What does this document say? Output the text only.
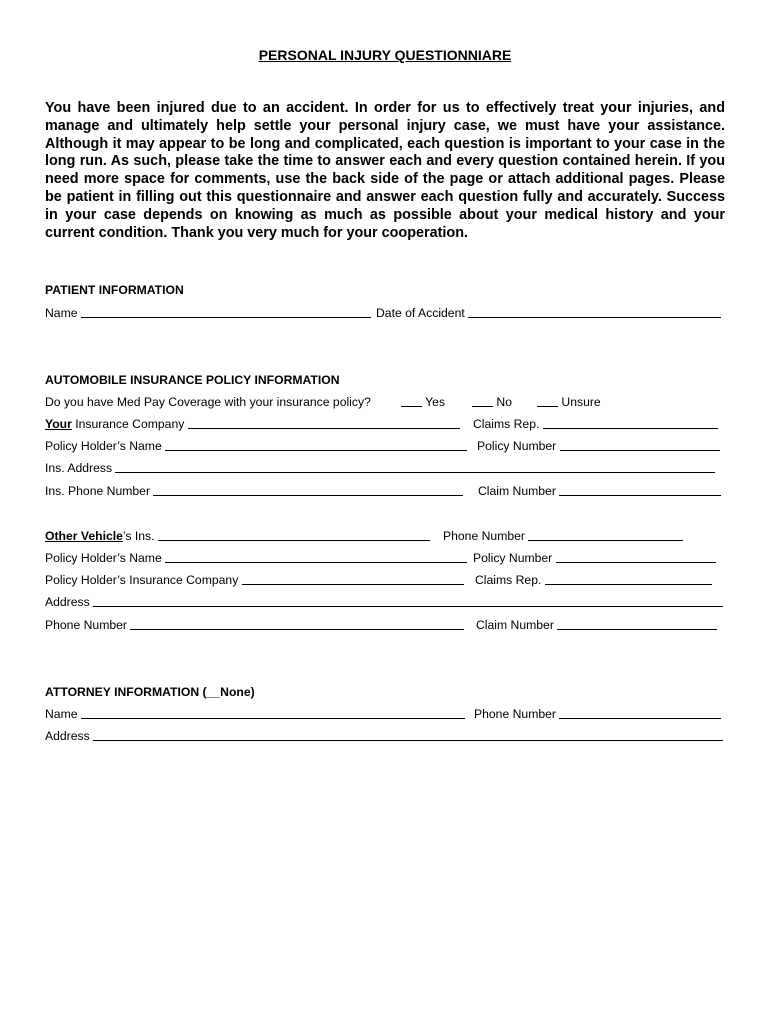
PERSONAL INJURY QUESTIONNIARE
You have been injured due to an accident. In order for us to effectively treat your injuries, and manage and ultimately help settle your personal injury case, we must have your assistance. Although it may appear to be long and complicated, each question is important to your case in the long run. As such, please take the time to answer each and every question contained herein. If you need more space for comments, use the back side of the page or attach additional pages. Please be patient in filling out this questionnaire and answer each question fully and accurately. Success in your case depends on knowing as much as possible about your medical history and your current condition. Thank you very much for your cooperation.
PATIENT INFORMATION
Name	Date of Accident
AUTOMOBILE INSURANCE POLICY INFORMATION
Do you have Med Pay Coverage with your insurance policy?	Yes	No	Unsure
Your Insurance Company	Claims Rep.
Policy Holder’s Name	Policy Number
Ins. Address
Ins. Phone Number	Claim Number
Other Vehicle’s Ins.	Phone Number
Policy Holder’s Name	Policy Number
Policy Holder’s Insurance Company	Claims Rep.
Address
Phone Number	Claim Number
ATTORNEY INFORMATION (__None)
Name	Phone Number
Address
